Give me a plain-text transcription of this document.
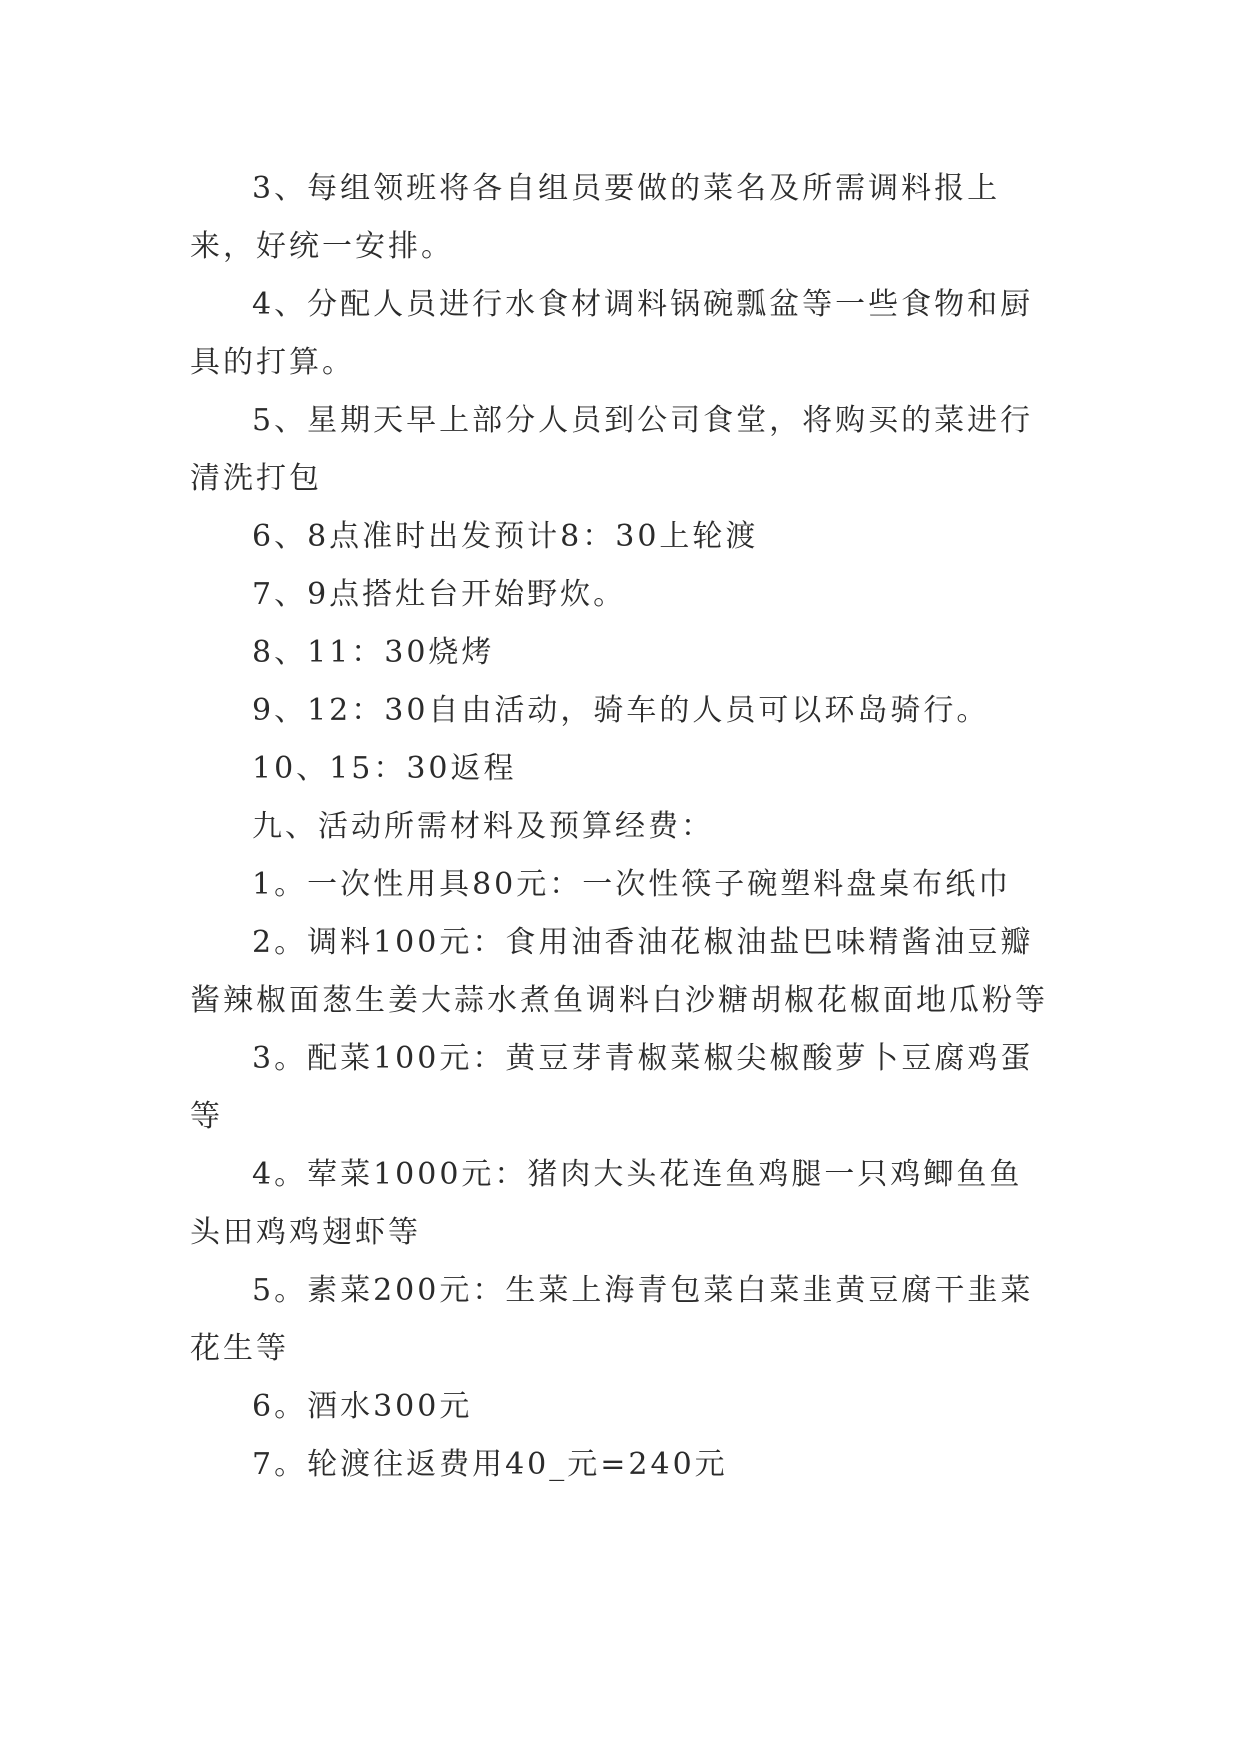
3、每组领班将各自组员要做的菜名及所需调料报上来，好统一安排。

4、分配人员进行水食材调料锅碗瓢盆等一些食物和厨具的打算。

5、星期天早上部分人员到公司食堂，将购买的菜进行清洗打包

6、8点准时出发预计8：30上轮渡

7、9点搭灶台开始野炊。

8、11：30烧烤

9、12：30自由活动，骑车的人员可以环岛骑行。

10、15：30返程

九、活动所需材料及预算经费：

1。一次性用具80元：一次性筷子碗塑料盘桌布纸巾

2。调料100元：食用油香油花椒油盐巴味精酱油豆瓣酱辣椒面葱生姜大蒜水煮鱼调料白沙糖胡椒花椒面地瓜粉等

3。配菜100元：黄豆芽青椒菜椒尖椒酸萝卜豆腐鸡蛋等

4。荤菜1000元：猪肉大头花连鱼鸡腿一只鸡鲫鱼鱼头田鸡鸡翅虾等

5。素菜200元：生菜上海青包菜白菜韭黄豆腐干韭菜花生等

6。酒水300元

7。轮渡往返费用40_元=240元
